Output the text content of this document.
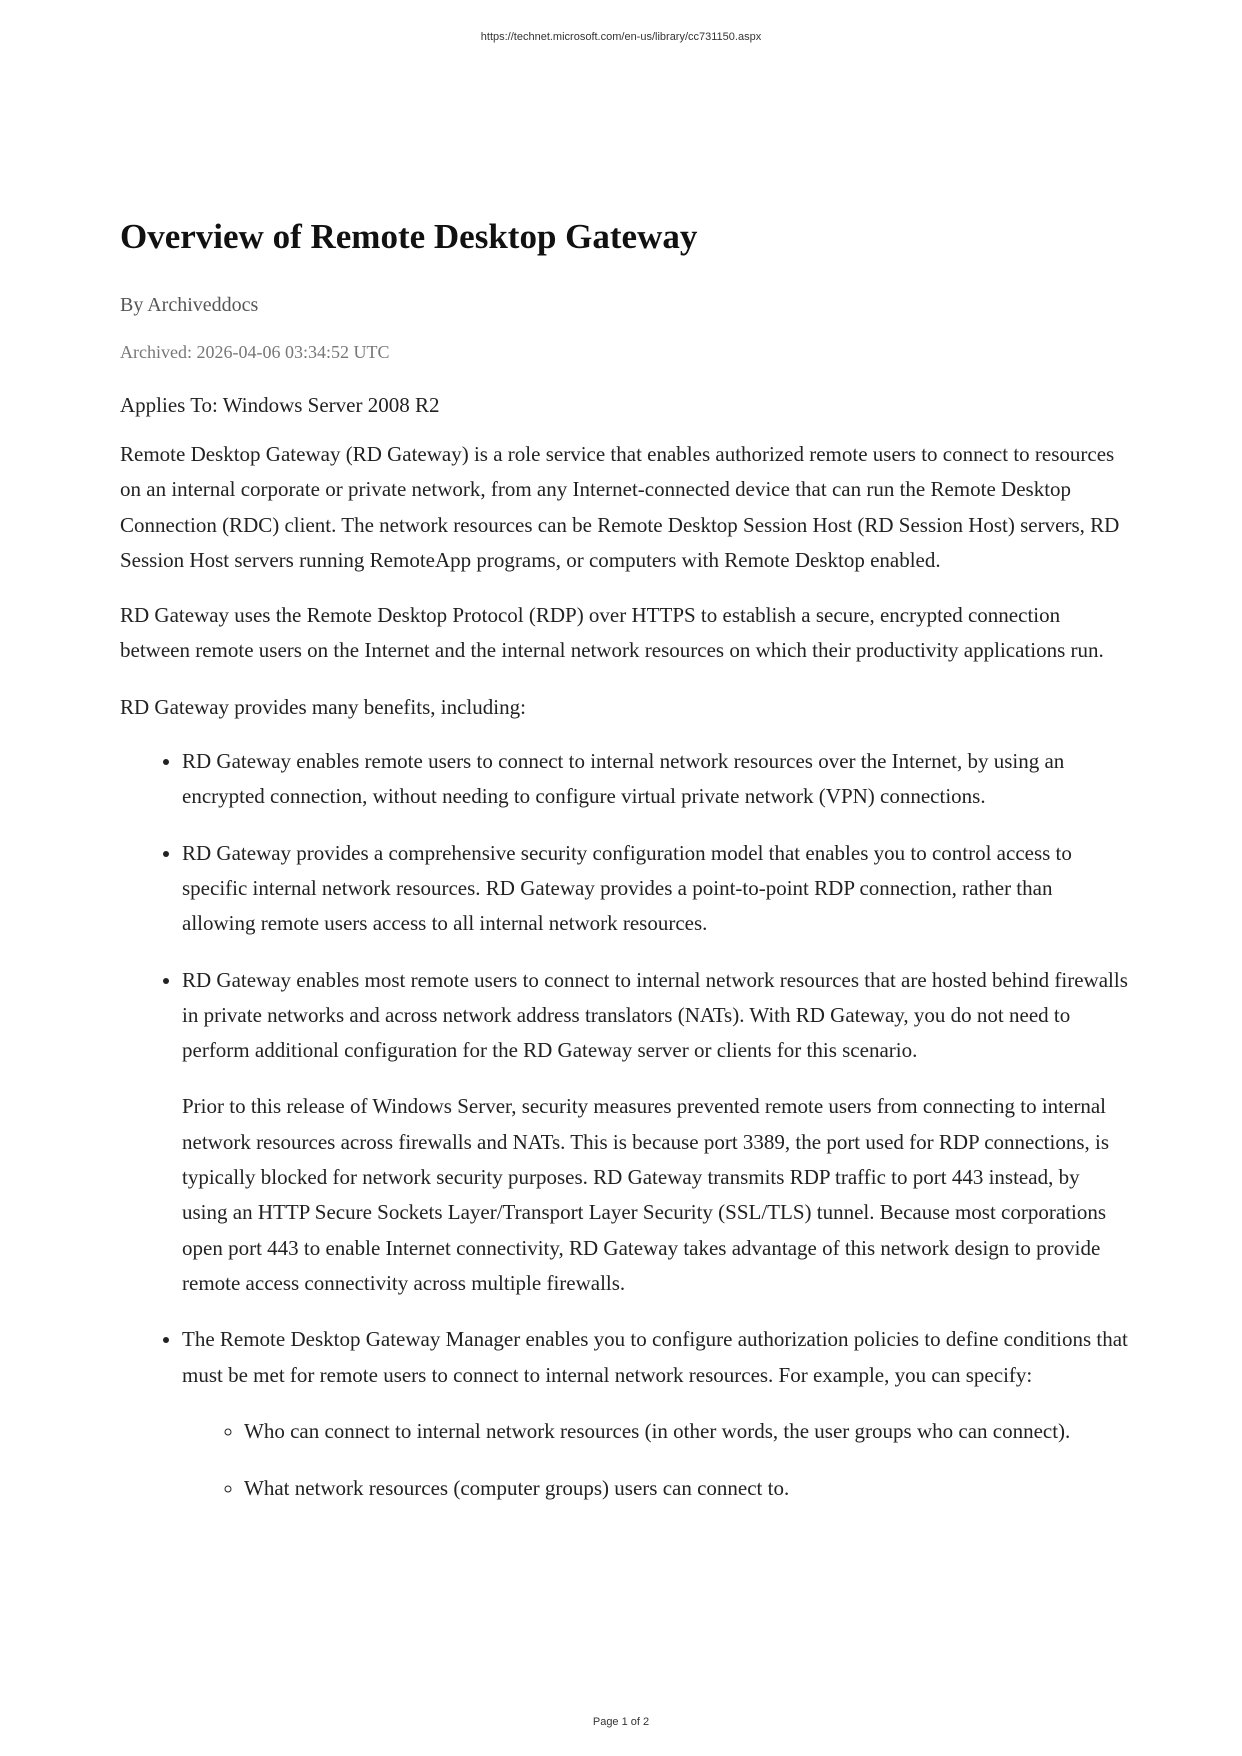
https://technet.microsoft.com/en-us/library/cc731150.aspx
Overview of Remote Desktop Gateway
By Archiveddocs
Archived: 2026-04-06 03:34:52 UTC
Applies To: Windows Server 2008 R2

Remote Desktop Gateway (RD Gateway) is a role service that enables authorized remote users to connect to resources on an internal corporate or private network, from any Internet-connected device that can run the Remote Desktop Connection (RDC) client. The network resources can be Remote Desktop Session Host (RD Session Host) servers, RD Session Host servers running RemoteApp programs, or computers with Remote Desktop enabled.

RD Gateway uses the Remote Desktop Protocol (RDP) over HTTPS to establish a secure, encrypted connection between remote users on the Internet and the internal network resources on which their productivity applications run.

RD Gateway provides many benefits, including:

• RD Gateway enables remote users to connect to internal network resources over the Internet, by using an encrypted connection, without needing to configure virtual private network (VPN) connections.
• RD Gateway provides a comprehensive security configuration model that enables you to control access to specific internal network resources. RD Gateway provides a point-to-point RDP connection, rather than allowing remote users access to all internal network resources.
• RD Gateway enables most remote users to connect to internal network resources that are hosted behind firewalls in private networks and across network address translators (NATs). With RD Gateway, you do not need to perform additional configuration for the RD Gateway server or clients for this scenario.

Prior to this release of Windows Server, security measures prevented remote users from connecting to internal network resources across firewalls and NATs. This is because port 3389, the port used for RDP connections, is typically blocked for network security purposes. RD Gateway transmits RDP traffic to port 443 instead, by using an HTTP Secure Sockets Layer/Transport Layer Security (SSL/TLS) tunnel. Because most corporations open port 443 to enable Internet connectivity, RD Gateway takes advantage of this network design to provide remote access connectivity across multiple firewalls.

• The Remote Desktop Gateway Manager enables you to configure authorization policies to define conditions that must be met for remote users to connect to internal network resources. For example, you can specify:
◦ Who can connect to internal network resources (in other words, the user groups who can connect).
◦ What network resources (computer groups) users can connect to.
Page 1 of 2
